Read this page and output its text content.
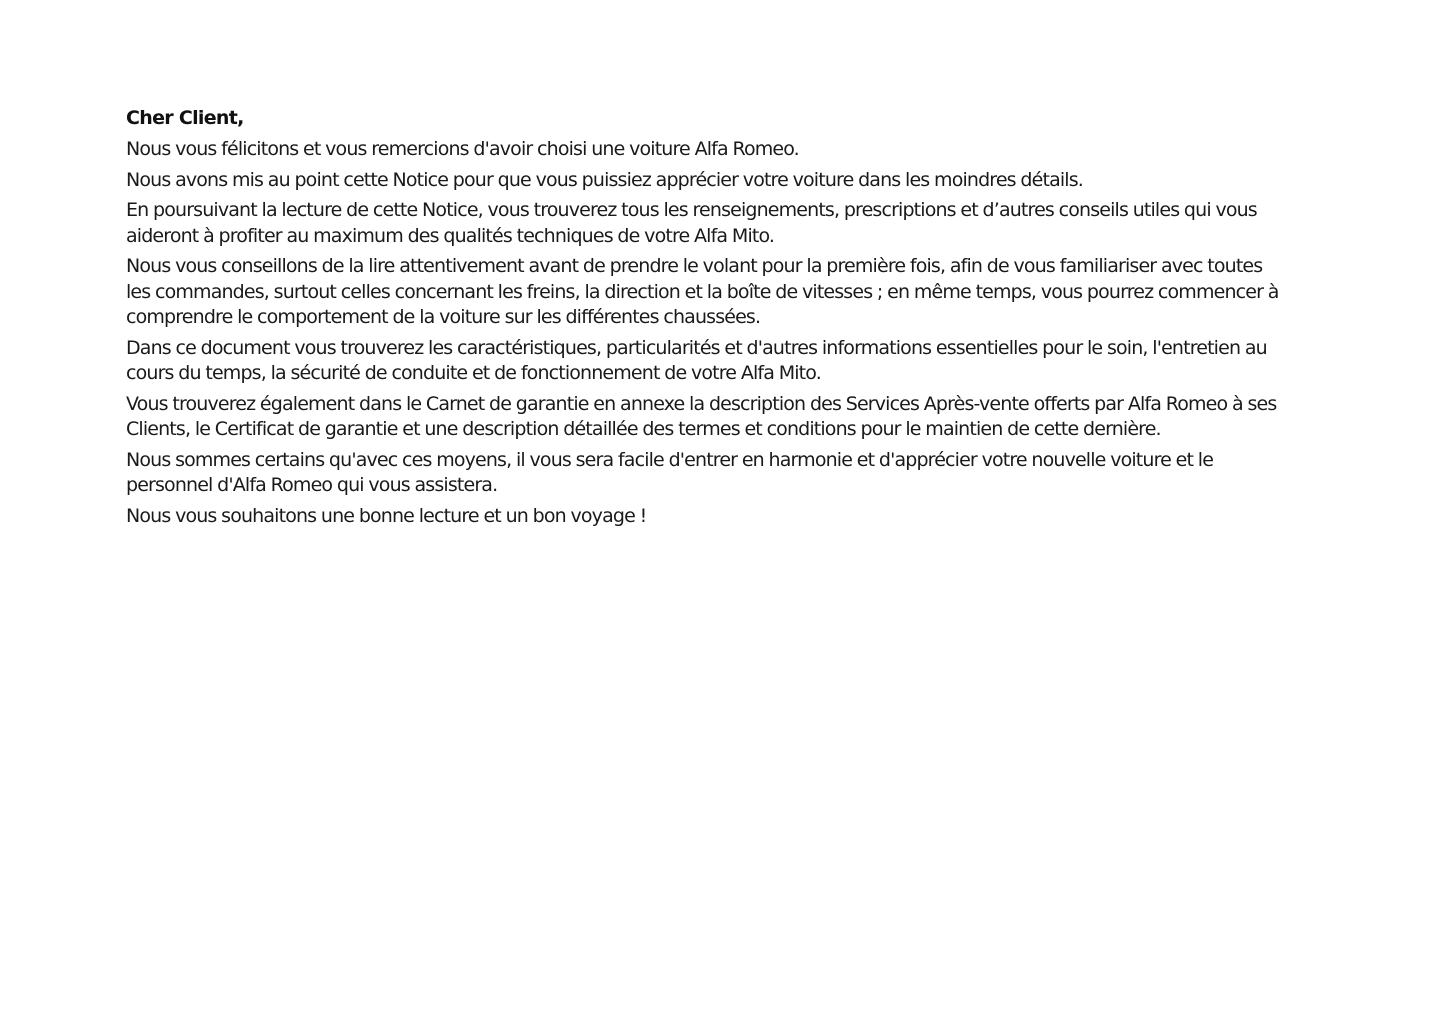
Cher Client,

Nous vous félicitons et vous remercions d'avoir choisi une voiture Alfa Romeo.

Nous avons mis au point cette Notice pour que vous puissiez apprécier votre voiture dans les moindres détails.

En poursuivant la lecture de cette Notice, vous trouverez tous les renseignements, prescriptions et d’autres conseils utiles qui vous aideront à profiter au maximum des qualités techniques de votre Alfa Mito.

Nous vous conseillons de la lire attentivement avant de prendre le volant pour la première fois, afin de vous familiariser avec toutes les commandes, surtout celles concernant les freins, la direction et la boîte de vitesses ; en même temps, vous pourrez commencer à comprendre le comportement de la voiture sur les différentes chaussées.

Dans ce document vous trouverez les caractéristiques, particularités et d'autres informations essentielles pour le soin, l'entretien au cours du temps, la sécurité de conduite et de fonctionnement de votre Alfa Mito.

Vous trouverez également dans le Carnet de garantie en annexe la description des Services Après-vente offerts par Alfa Romeo à ses Clients, le Certificat de garantie et une description détaillée des termes et conditions pour le maintien de cette dernière.

Nous sommes certains qu'avec ces moyens, il vous sera facile d'entrer en harmonie et d'apprécier votre nouvelle voiture et le personnel d'Alfa Romeo qui vous assistera.

Nous vous souhaitons une bonne lecture et un bon voyage !
